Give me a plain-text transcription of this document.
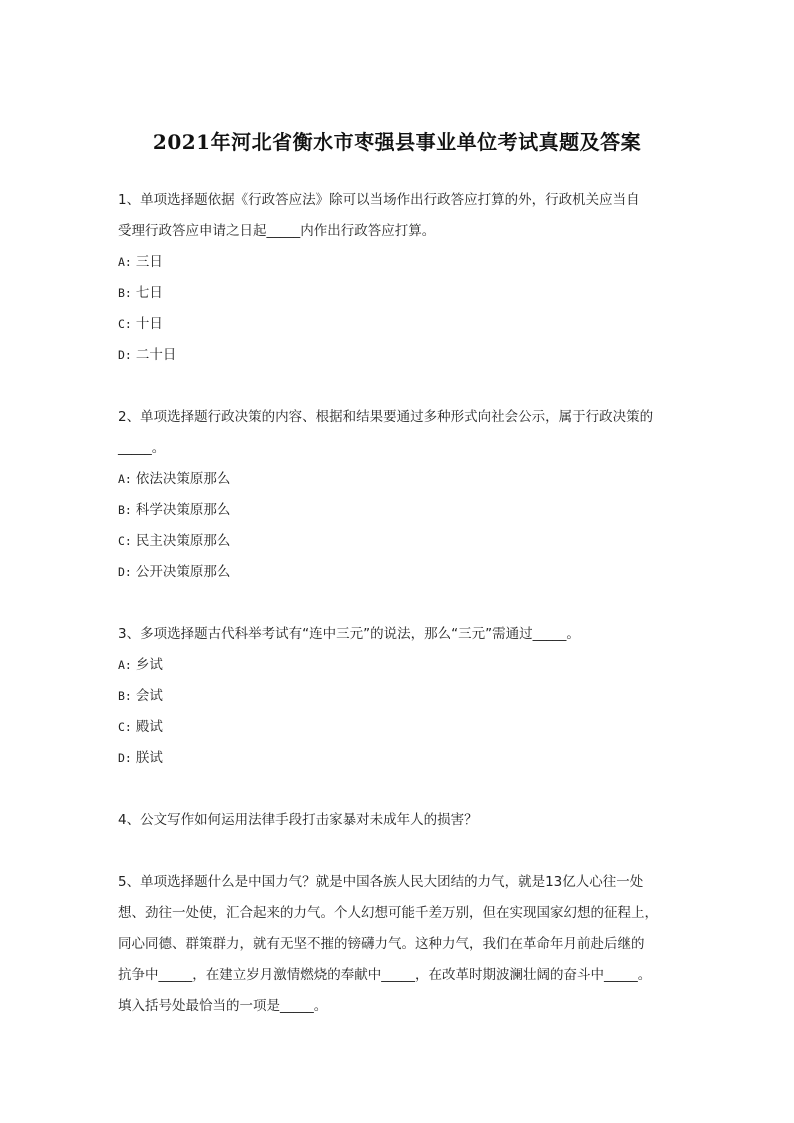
2021年河北省衡水市枣强县事业单位考试真题及答案

1、单项选择题依据《行政答应法》除可以当场作出行政答应打算的外，行政机关应当自

受理行政答应申请之日起_____内作出行政答应打算。

A: 三日

B: 七日

C: 十日

D: 二十日

2、单项选择题行政决策的内容、根据和结果要通过多种形式向社会公示，属于行政决策的

_____。

A: 依法决策原那么

B: 科学决策原那么

C: 民主决策原那么

D: 公开决策原那么

3、多项选择题古代科举考试有“连中三元”的说法，那么“三元”需通过_____。

A: 乡试

B: 会试

C: 殿试

D: 朕试

4、公文写作如何运用法律手段打击家暴对未成年人的损害？

5、单项选择题什么是中国力气？就是中国各族人民大团结的力气，就是13亿人心往一处

想、劲往一处使，汇合起来的力气。个人幻想可能千差万别，但在实现国家幻想的征程上，

同心同德、群策群力，就有无坚不摧的镑礴力气。这种力气，我们在革命年月前赴后继的

抗争中_____，在建立岁月激情燃烧的奉献中_____，在改革时期波澜壮阔的奋斗中_____。

填入括号处最恰当的一项是_____。
